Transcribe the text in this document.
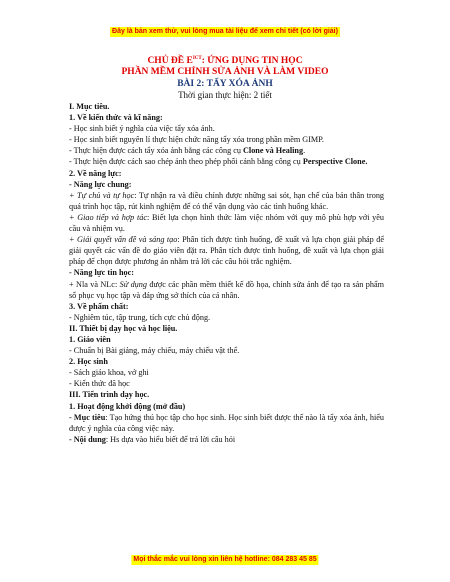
Đây là bản xem thử, vui lòng mua tài liệu để xem chi tiết (có lời giải)
CHỦ ĐỀ $E^{ICT}$: ỨNG DỤNG TIN HỌC
PHẦN MỀM CHỈNH SỬA ẢNH VÀ LÀM VIDEO
BÀI 2: TẨY XÓA ẢNH
Thời gian thực hiện: 2 tiết

I. Mục tiêu.

1. Về kiến thức và kĩ năng:

- Học sinh biết ý nghĩa của việc tẩy xóa ảnh.

- Học sinh biết nguyên lí thực hiện chức năng tẩy xóa trong phần mềm GIMP.

- Thực hiện được cách tẩy xóa ảnh bằng các công cụ Clone và Healing.

- Thực hiện được cách sao chép ảnh theo phép phối cảnh bằng công cụ Perspective Clone.

2. Về năng lực:

- Năng lực chung:

+ Tự chủ và tự học: Tự nhận ra và điều chỉnh được những sai sót, hạn chế của bản thân trong quá trình học tập, rút kinh nghiệm để có thể vận dụng vào các tình huống khác.

+ Giao tiếp và hợp tác: Biết lựa chọn hình thức làm việc nhóm với quy mô phù hợp với yêu cầu và nhiệm vụ.

+ Giải quyết vấn đề và sáng tạo: Phân tích được tình huống, đề xuất và lựa chọn giải pháp để giải quyết các vấn đề do giáo viên đặt ra. Phân tích được tình huống, đề xuất và lựa chọn giải pháp để chọn được phương án nhằm trả lời các câu hỏi trắc nghiệm.

- Năng lực tin học:

+ Nla và NLc: Sử dụng được các phần mềm thiết kế đồ họa, chỉnh sửa ảnh để tạo ra sản phẩm số phục vụ học tập và đáp ứng sở thích của cá nhân.

3. Về phẩm chất:

- Nghiêm túc, tập trung, tích cực chủ động.

II. Thiết bị dạy học và học liệu.

1. Giáo viên

- Chuẩn bị Bài giảng, máy chiếu, máy chiếu vật thể.

2. Học sinh

- Sách giáo khoa, vở ghi

- Kiến thức đã học

III. Tiến trình dạy học.

1. Hoạt động khởi động (mở đầu)

- Mục tiêu: Tạo hứng thú học tập cho học sinh. Học sinh biết được thế nào là tẩy xóa ảnh, hiểu được ý nghĩa của công việc này.

- Nội dung: Hs dựa vào hiểu biết để trả lời câu hỏi

Mọi thắc mắc vui lòng xin liên hệ hotline: 084 283 45 85
